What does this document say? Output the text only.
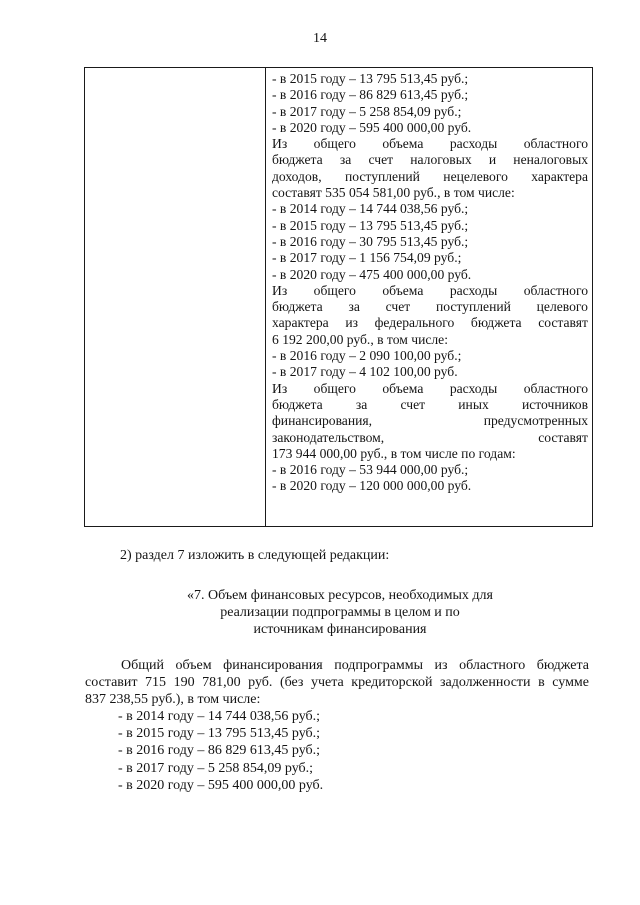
14
- в 2015 году – 13 795 513,45 руб.;
- в 2016 году – 86 829 613,45 руб.;
- в 2017 году – 5 258 854,09 руб.;
- в 2020 году – 595 400 000,00 руб.
Из общего объема расходы областного
бюджета за счет налоговых и неналоговых
доходов, поступлений нецелевого характера
составят 535 054 581,00 руб., в том числе:
- в 2014 году – 14 744 038,56 руб.;
- в 2015 году – 13 795 513,45 руб.;
- в 2016 году – 30 795 513,45 руб.;
- в 2017 году – 1 156 754,09 руб.;
- в 2020 году – 475 400 000,00 руб.
Из общего объема расходы областного
бюджета за счет поступлений целевого
характера из федерального бюджета составят
6 192 200,00 руб., в том числе:
- в 2016 году – 2 090 100,00 руб.;
- в 2017 году – 4 102 100,00 руб.
Из общего объема расходы областного
бюджета за счет иных источников
финансирования,	предусмотренных
законодательством,	составят
173 944 000,00 руб., в том числе по годам:
- в 2016 году – 53 944 000,00 руб.;
- в 2020 году – 120 000 000,00 руб.
2) раздел 7 изложить в следующей редакции:
«7. Объем финансовых ресурсов, необходимых для
реализации подпрограммы в целом и по
источникам финансирования
Общий объем финансирования подпрограммы из областного бюджета
составит 715 190 781,00 руб. (без учета кредиторской задолженности в сумме
837 238,55 руб.), в том числе:
- в 2014 году – 14 744 038,56 руб.;
- в 2015 году – 13 795 513,45 руб.;
- в 2016 году – 86 829 613,45 руб.;
- в 2017 году – 5 258 854,09 руб.;
- в 2020 году – 595 400 000,00 руб.
